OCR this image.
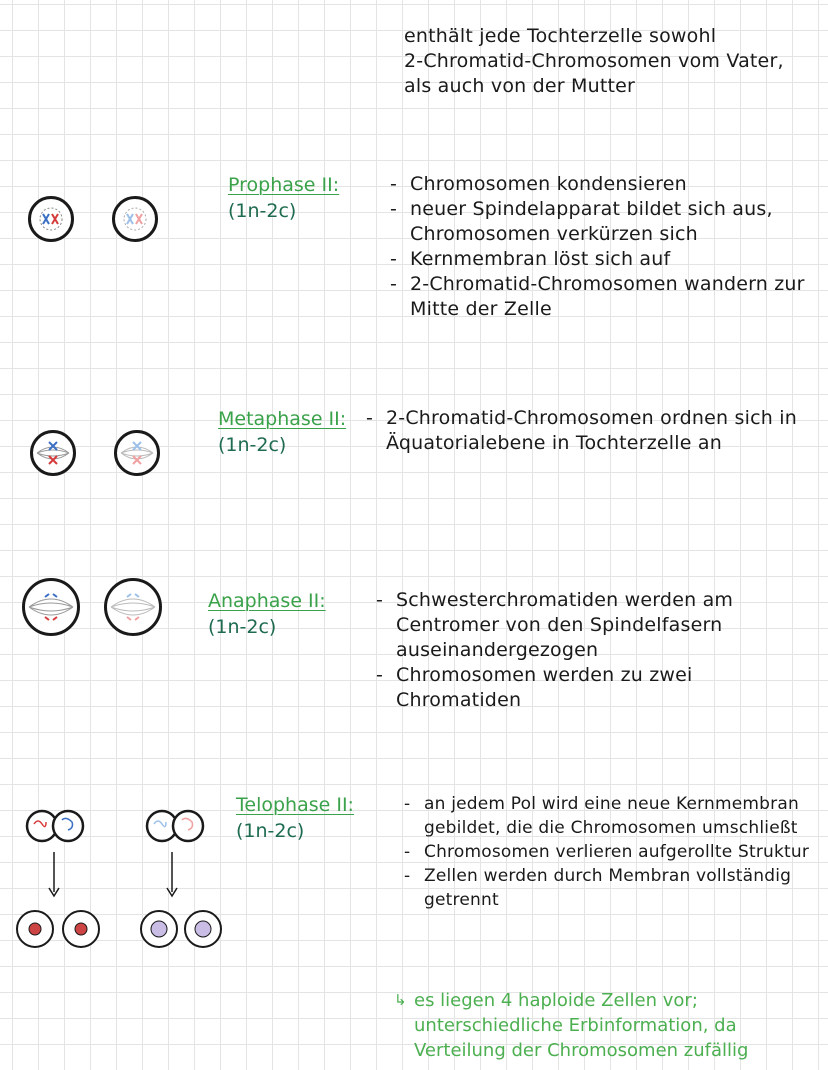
enthält jede Tochterzelle sowohl
2-Chromatid-Chromosomen vom Vater,
als auch von der Mutter
Prophase II:
(1n-2c)
- Chromosomen kondensieren
- neuer Spindelapparat bildet sich aus, Chromosomen verkürzen sich
- Kernmembran löst sich auf
- 2-Chromatid-Chromosomen wandern zur Mitte der Zelle
Metaphase II:
(1n-2c)
- 2-Chromatid-Chromosomen ordnen sich in Äquatorialebene in Tochterzelle an
Anaphase II:
(1n-2c)
- Schwesterchromatiden werden am Centromer von den Spindelfasern auseinandergezogen
- Chromosomen werden zu zwei Chromatiden
Telophase II:
(1n-2c)
- an jedem Pol wird eine neue Kernmembran gebildet, die die Chromosomen umschließt
- Chromosomen verlieren aufgerollte Struktur
- Zellen werden durch Membran vollständig getrennt
↳ es liegen 4 haploide Zellen vor; unterschiedliche Erbinformation, da Verteilung der Chromosomen zufällig
